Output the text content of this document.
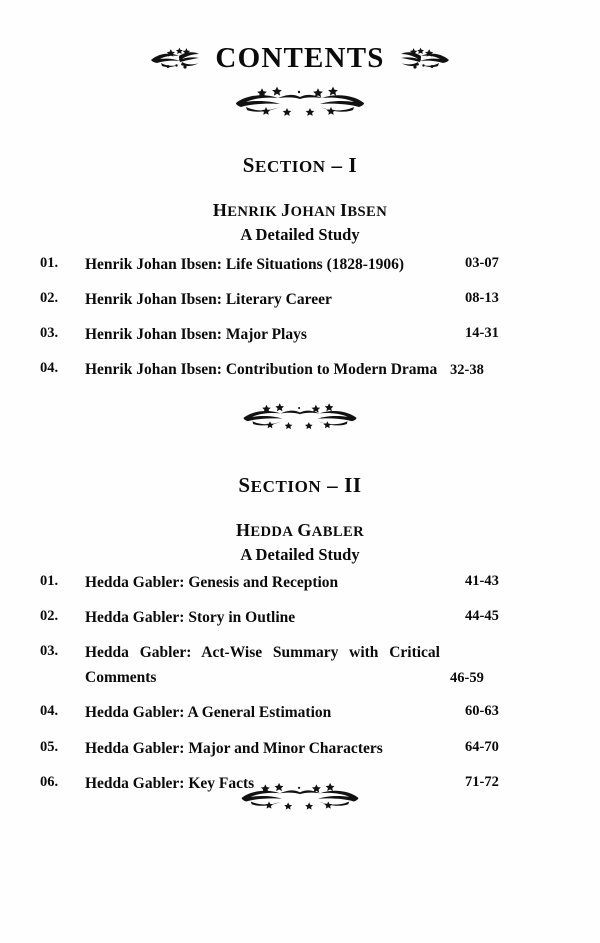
CONTENTS
SECTION – I
HENRIK JOHAN IBSEN
A Detailed Study
01.	Henrik Johan Ibsen: Life Situations (1828-1906)	03-07
02.	Henrik Johan Ibsen: Literary Career	08-13
03.	Henrik Johan Ibsen: Major Plays	14-31
04.	Henrik Johan Ibsen: Contribution to Modern Drama 32-38
SECTION – II
HEDDA GABLER
A Detailed Study
01.	Hedda Gabler: Genesis and Reception	41-43
02.	Hedda Gabler: Story in Outline	44-45
03.	Hedda Gabler: Act-Wise Summary with Critical Comments	46-59
04.	Hedda Gabler: A General Estimation	60-63
05.	Hedda Gabler: Major and Minor Characters	64-70
06.	Hedda Gabler: Key Facts	71-72
